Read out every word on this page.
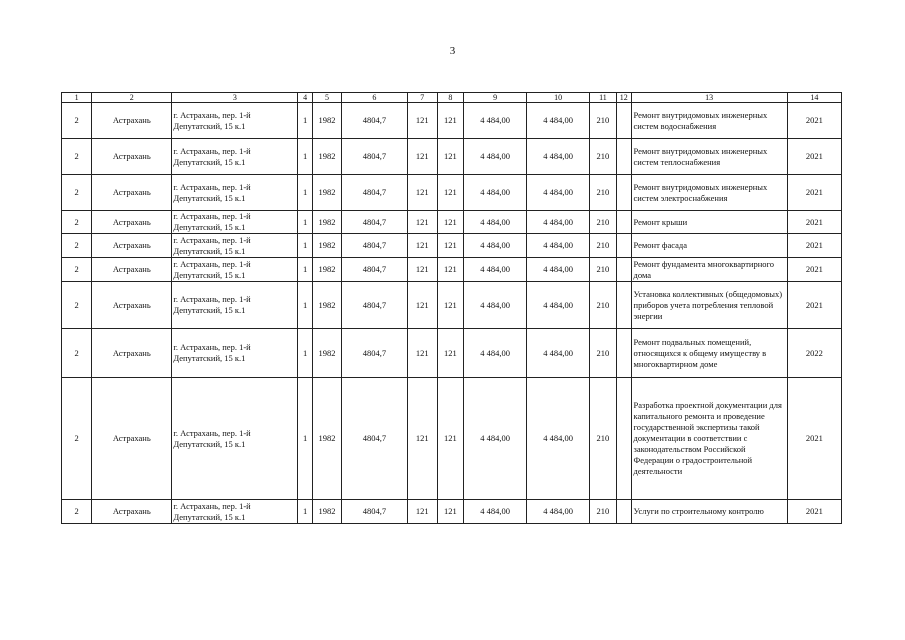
3
1	2	3	4	5	6	7	8	9	10	11	12	13	14
2	Астрахань	г. Астрахань, пер. 1-й Депутатский, 15 к.1	1	1982	4804,7	121	121	4 484,00	4 484,00	210		Ремонт внутридомовых инженерных систем водоснабжения	2021
2	Астрахань	г. Астрахань, пер. 1-й Депутатский, 15 к.1	1	1982	4804,7	121	121	4 484,00	4 484,00	210		Ремонт внутридомовых инженерных систем теплоснабжения	2021
2	Астрахань	г. Астрахань, пер. 1-й Депутатский, 15 к.1	1	1982	4804,7	121	121	4 484,00	4 484,00	210		Ремонт внутридомовых инженерных систем электроснабжения	2021
2	Астрахань	г. Астрахань, пер. 1-й Депутатский, 15 к.1	1	1982	4804,7	121	121	4 484,00	4 484,00	210		Ремонт крыши	2021
2	Астрахань	г. Астрахань, пер. 1-й Депутатский, 15 к.1	1	1982	4804,7	121	121	4 484,00	4 484,00	210		Ремонт фасада	2021
2	Астрахань	г. Астрахань, пер. 1-й Депутатский, 15 к.1	1	1982	4804,7	121	121	4 484,00	4 484,00	210		Ремонт фундамента многоквартирного дома	2021
2	Астрахань	г. Астрахань, пер. 1-й Депутатский, 15 к.1	1	1982	4804,7	121	121	4 484,00	4 484,00	210		Установка коллективных (общедомовых) приборов учета потребления тепловой энергии	2021
2	Астрахань	г. Астрахань, пер. 1-й Депутатский, 15 к.1	1	1982	4804,7	121	121	4 484,00	4 484,00	210		Ремонт подвальных помещений, относящихся к общему имуществу в многоквартирном доме	2022
2	Астрахань	г. Астрахань, пер. 1-й Депутатский, 15 к.1	1	1982	4804,7	121	121	4 484,00	4 484,00	210		Разработка проектной документации для капитального ремонта и проведение государственной экспертизы такой документации в соответствии с законодательством Российской Федерации о градостроительной деятельности	2021
2	Астрахань	г. Астрахань, пер. 1-й Депутатский, 15 к.1	1	1982	4804,7	121	121	4 484,00	4 484,00	210		Услуги по строительному контролю	2021
